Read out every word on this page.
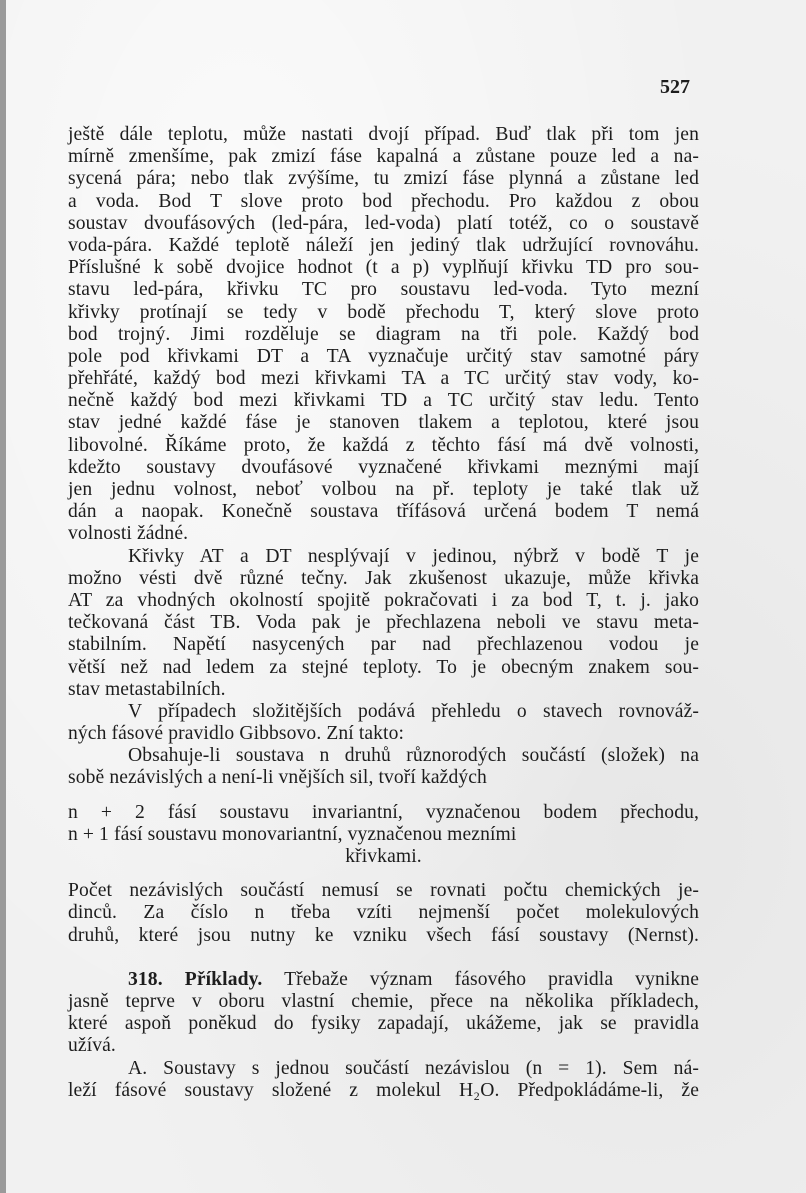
527
ještě dále teplotu, může nastati dvojí případ. Buď tlak při tom jen
mírně zmenšíme, pak zmizí fáse kapalná a zůstane pouze led a na-
sycená pára; nebo tlak zvýšíme, tu zmizí fáse plynná a zůstane led
a voda. Bod T slove proto bod přechodu. Pro každou z obou
soustav dvoufásových (led-pára, led-voda) platí totéž, co o soustavě
voda-pára. Každé teplotě náleží jen jediný tlak udržující rovnováhu.
Příslušné k sobě dvojice hodnot (t a p) vyplňují křivku TD pro sou-
stavu led-pára, křivku TC pro soustavu led-voda. Tyto mezní
křivky protínají se tedy v bodě přechodu T, který slove proto
bod trojný. Jimi rozděluje se diagram na tři pole. Každý bod
pole pod křivkami DT a TA vyznačuje určitý stav samotné páry
přehřáté, každý bod mezi křivkami TA a TC určitý stav vody, ko-
nečně každý bod mezi křivkami TD a TC určitý stav ledu. Tento
stav jedné každé fáse je stanoven tlakem a teplotou, které jsou
libovolné. Říkáme proto, že každá z těchto fásí má dvě volnosti,
kdežto soustavy dvoufásové vyznačené křivkami meznými mají
jen jednu volnost, neboť volbou na př. teploty je také tlak už
dán a naopak. Konečně soustava třífásová určená bodem T nemá
volnosti žádné.
Křivky AT a DT nesplývají v jedinou, nýbrž v bodě T je
možno vésti dvě různé tečny. Jak zkušenost ukazuje, může křivka
AT za vhodných okolností spojitě pokračovati i za bod T, t. j. jako
tečkovaná část TB. Voda pak je přechlazena neboli ve stavu meta-
stabilním. Napětí nasycených par nad přechlazenou vodou je
větší než nad ledem za stejné teploty. To je obecným znakem sou-
stav metastabilních.
V případech složitějších podává přehledu o stavech rovnováž-
ných fásové pravidlo Gibbsovo. Zní takto:
Obsahuje-li soustava n druhů různorodých součástí (složek) na
sobě nezávislých a není-li vnějších sil, tvoří každých
n + 2 fásí soustavu invariantní, vyznačenou bodem přechodu,
n + 1 fásí soustavu monovariantní, vyznačenou mezními
křivkami.
Počet nezávislých součástí nemusí se rovnati počtu chemických je-
dinců. Za číslo n třeba vzíti nejmenší počet molekulových
druhů, které jsou nutny ke vzniku všech fásí soustavy (Nernst).
318. Příklady. Třebaže význam fásového pravidla vynikne
jasně teprve v oboru vlastní chemie, přece na několika příkladech,
které aspoň poněkud do fysiky zapadají, ukážeme, jak se pravidla
užívá.
A. Soustavy s jednou součástí nezávislou (n = 1). Sem ná-
leží fásové soustavy složené z molekul H₂O. Předpokládáme-li, že
